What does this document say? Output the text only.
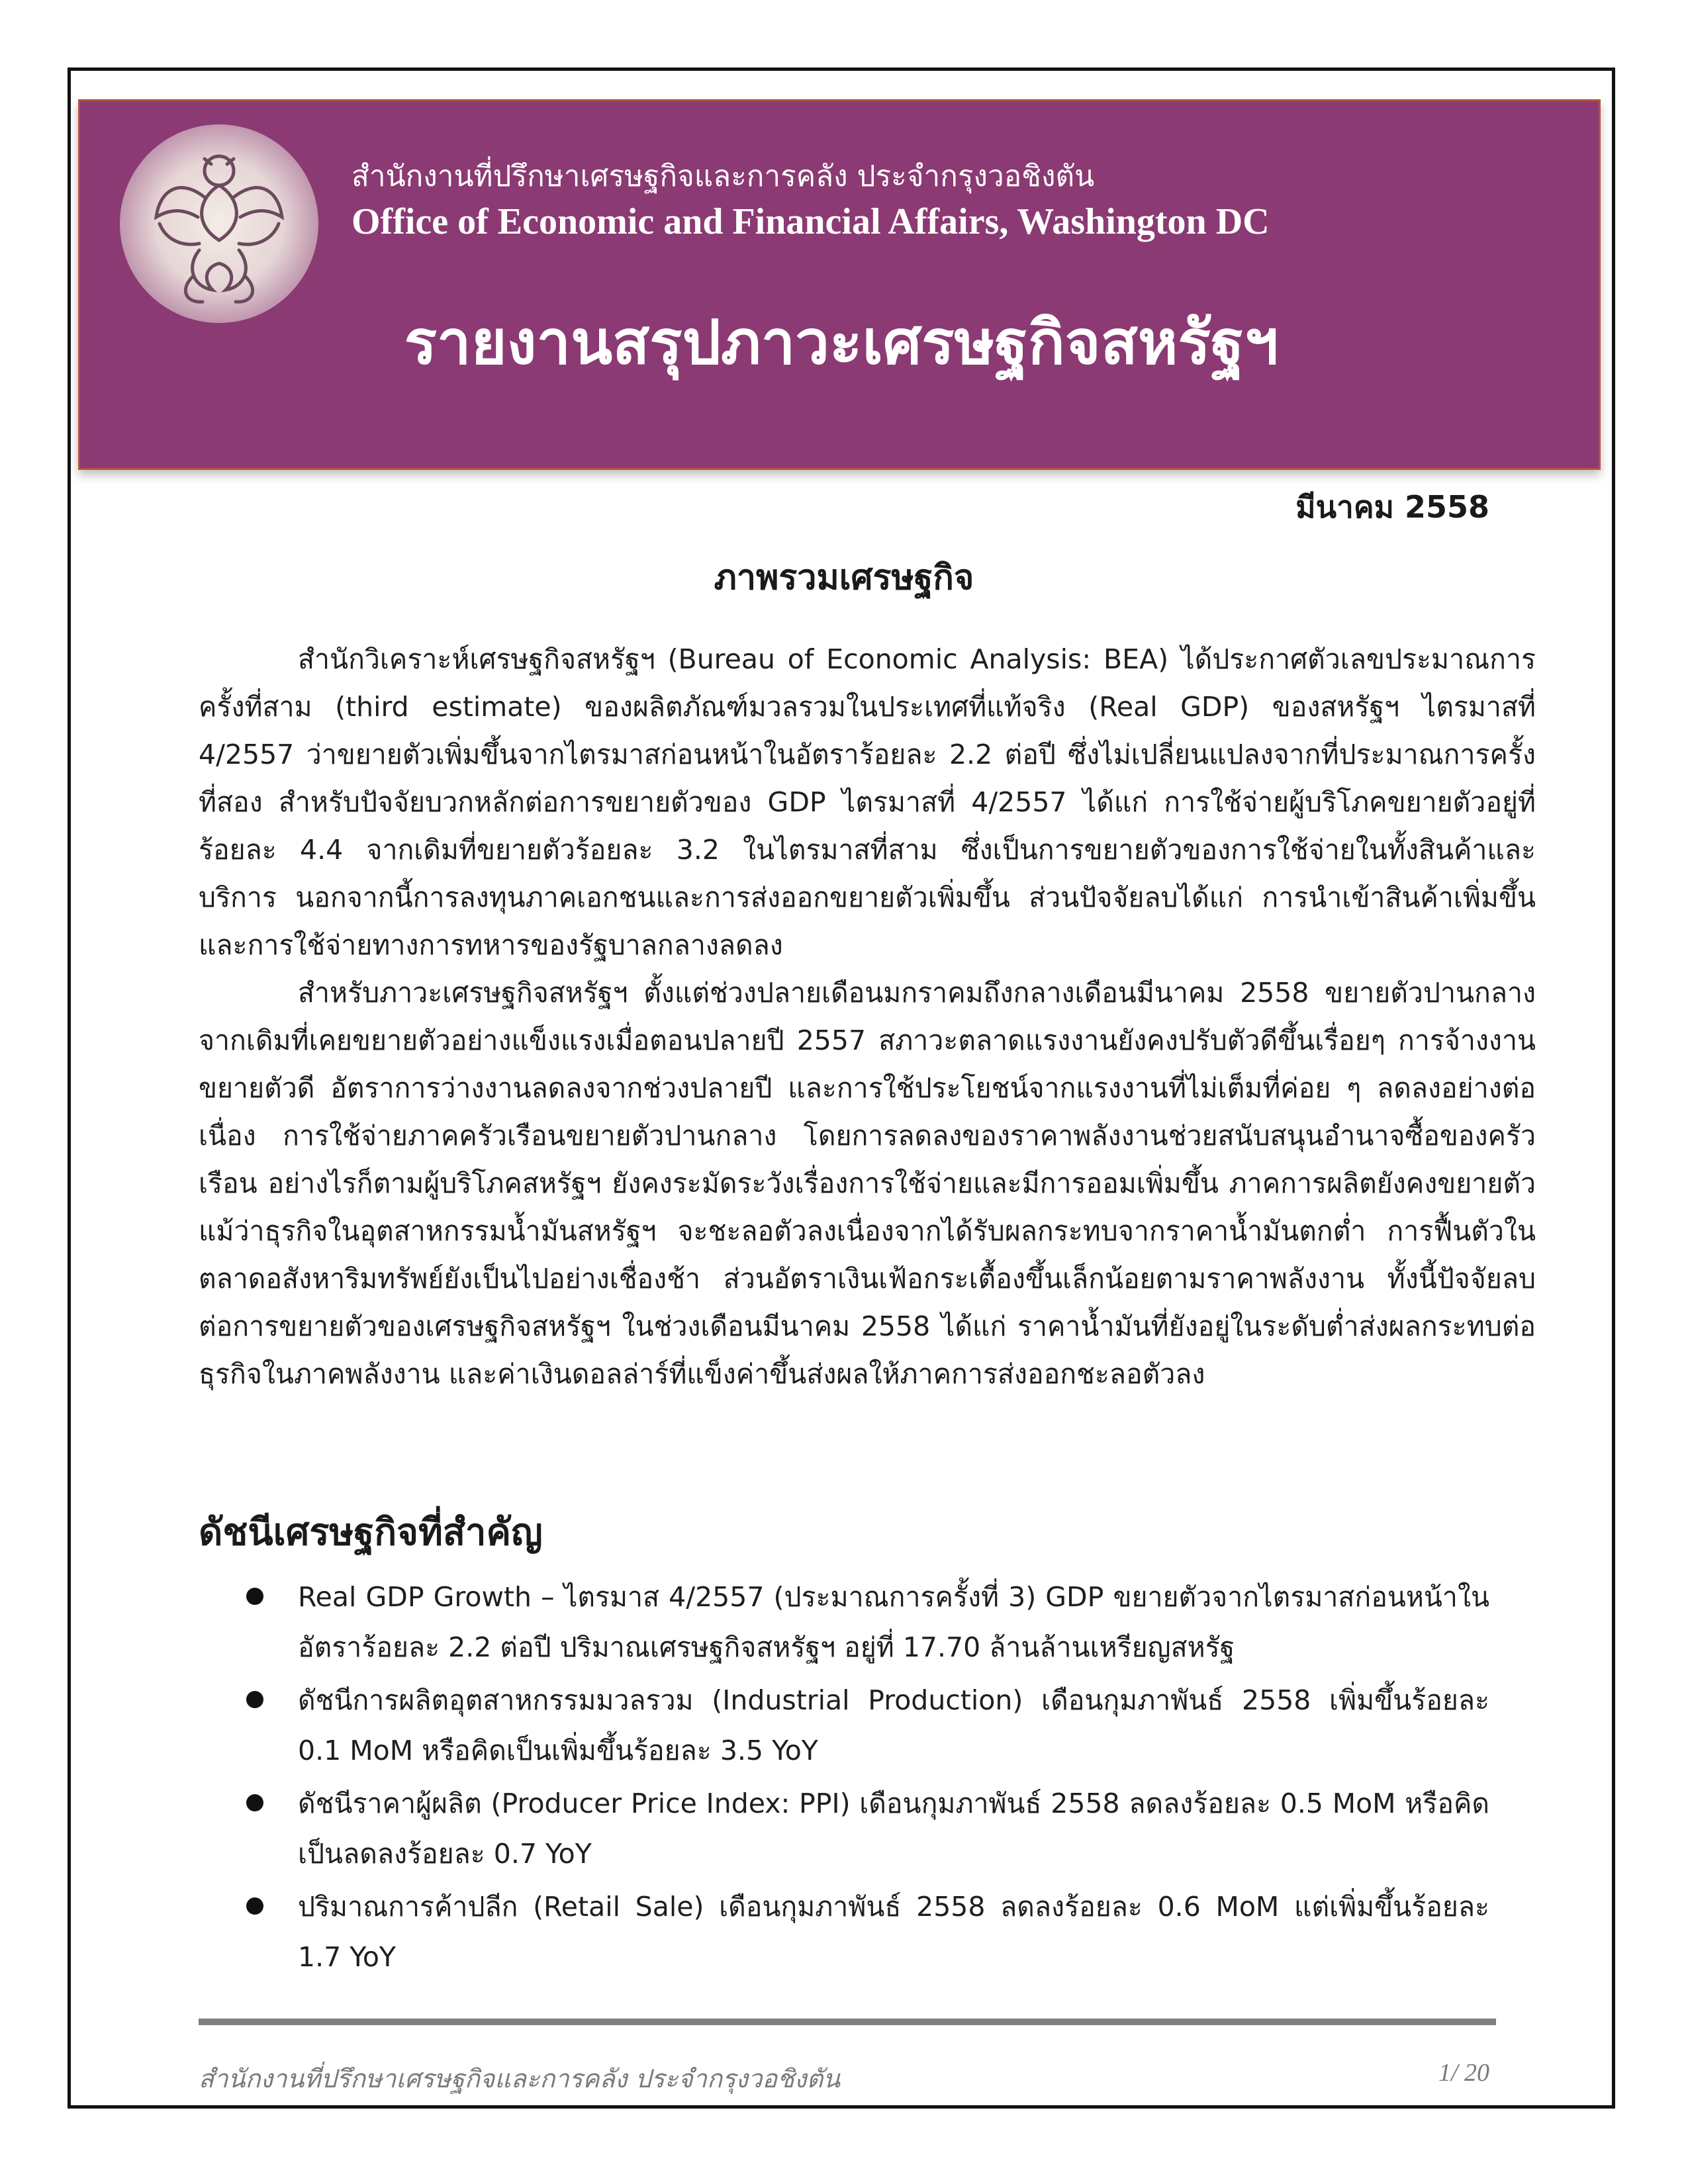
สำนักงานที่ปรึกษาเศรษฐกิจและการคลัง ประจำกรุงวอชิงตัน
Office of Economic and Financial Affairs, Washington DC
รายงานสรุปภาวะเศรษฐกิจสหรัฐฯ
มีนาคม 2558
ภาพรวมเศรษฐกิจ

สำนักวิเคราะห์เศรษฐกิจสหรัฐฯ (Bureau of Economic Analysis: BEA) ได้ประกาศตัวเลขประมาณการครั้งที่สาม (third estimate) ของผลิตภัณฑ์มวลรวมในประเทศที่แท้จริง (Real GDP) ของสหรัฐฯ ไตรมาสที่ 4/2557 ว่าขยายตัวเพิ่มขึ้นจากไตรมาสก่อนหน้าในอัตราร้อยละ 2.2 ต่อปี ซึ่งไม่เปลี่ยนแปลงจากที่ประมาณการครั้งที่สอง สำหรับปัจจัยบวกหลักต่อการขยายตัวของ GDP ไตรมาสที่ 4/2557 ได้แก่ การใช้จ่ายผู้บริโภคขยายตัวอยู่ที่ร้อยละ 4.4 จากเดิมที่ขยายตัวร้อยละ 3.2 ในไตรมาสที่สาม ซึ่งเป็นการขยายตัวของการใช้จ่ายในทั้งสินค้าและบริการ นอกจากนี้การลงทุนภาคเอกชนและการส่งออกขยายตัวเพิ่มขึ้น ส่วนปัจจัยลบได้แก่ การนำเข้าสินค้าเพิ่มขึ้นและการใช้จ่ายทางการทหารของรัฐบาลกลางลดลง

สำหรับภาวะเศรษฐกิจสหรัฐฯ ตั้งแต่ช่วงปลายเดือนมกราคมถึงกลางเดือนมีนาคม 2558 ขยายตัวปานกลางจากเดิมที่เคยขยายตัวอย่างแข็งแรงเมื่อตอนปลายปี 2557 สภาวะตลาดแรงงานยังคงปรับตัวดีขึ้นเรื่อยๆ การจ้างงานขยายตัวดี อัตราการว่างงานลดลงจากช่วงปลายปี และการใช้ประโยชน์จากแรงงานที่ไม่เต็มที่ค่อย ๆ ลดลงอย่างต่อเนื่อง การใช้จ่ายภาคครัวเรือนขยายตัวปานกลาง โดยการลดลงของราคาพลังงานช่วยสนับสนุนอำนาจซื้อของครัวเรือน อย่างไรก็ตามผู้บริโภคสหรัฐฯ ยังคงระมัดระวังเรื่องการใช้จ่ายและมีการออมเพิ่มขึ้น ภาคการผลิตยังคงขยายตัวแม้ว่าธุรกิจในอุตสาหกรรมน้ำมันสหรัฐฯ จะชะลอตัวลงเนื่องจากได้รับผลกระทบจากราคาน้ำมันตกต่ำ การฟื้นตัวในตลาดอสังหาริมทรัพย์ยังเป็นไปอย่างเชื่องช้า ส่วนอัตราเงินเฟ้อกระเตื้องขึ้นเล็กน้อยตามราคาพลังงาน ทั้งนี้ปัจจัยลบต่อการขยายตัวของเศรษฐกิจสหรัฐฯ ในช่วงเดือนมีนาคม 2558 ได้แก่ ราคาน้ำมันที่ยังอยู่ในระดับต่ำส่งผลกระทบต่อธุรกิจในภาคพลังงาน และค่าเงินดอลล่าร์ที่แข็งค่าขึ้นส่งผลให้ภาคการส่งออกชะลอตัวลง

ดัชนีเศรษฐกิจที่สำคัญ
Real GDP Growth – ไตรมาส 4/2557 (ประมาณการครั้งที่ 3) GDP ขยายตัวจากไตรมาสก่อนหน้าในอัตราร้อยละ 2.2 ต่อปี ปริมาณเศรษฐกิจสหรัฐฯ อยู่ที่ 17.70 ล้านล้านเหรียญสหรัฐ
ดัชนีการผลิตอุตสาหกรรมมวลรวม (Industrial Production) เดือนกุมภาพันธ์ 2558 เพิ่มขึ้นร้อยละ 0.1 MoM หรือคิดเป็นเพิ่มขึ้นร้อยละ 3.5 YoY
ดัชนีราคาผู้ผลิต (Producer Price Index: PPI) เดือนกุมภาพันธ์ 2558 ลดลงร้อยละ 0.5 MoM หรือคิดเป็นลดลงร้อยละ 0.7 YoY
ปริมาณการค้าปลีก (Retail Sale) เดือนกุมภาพันธ์ 2558 ลดลงร้อยละ 0.6 MoM แต่เพิ่มขึ้นร้อยละ 1.7 YoY
สำนักงานที่ปรึกษาเศรษฐกิจและการคลัง ประจำกรุงวอชิงตัน	1/ 20
